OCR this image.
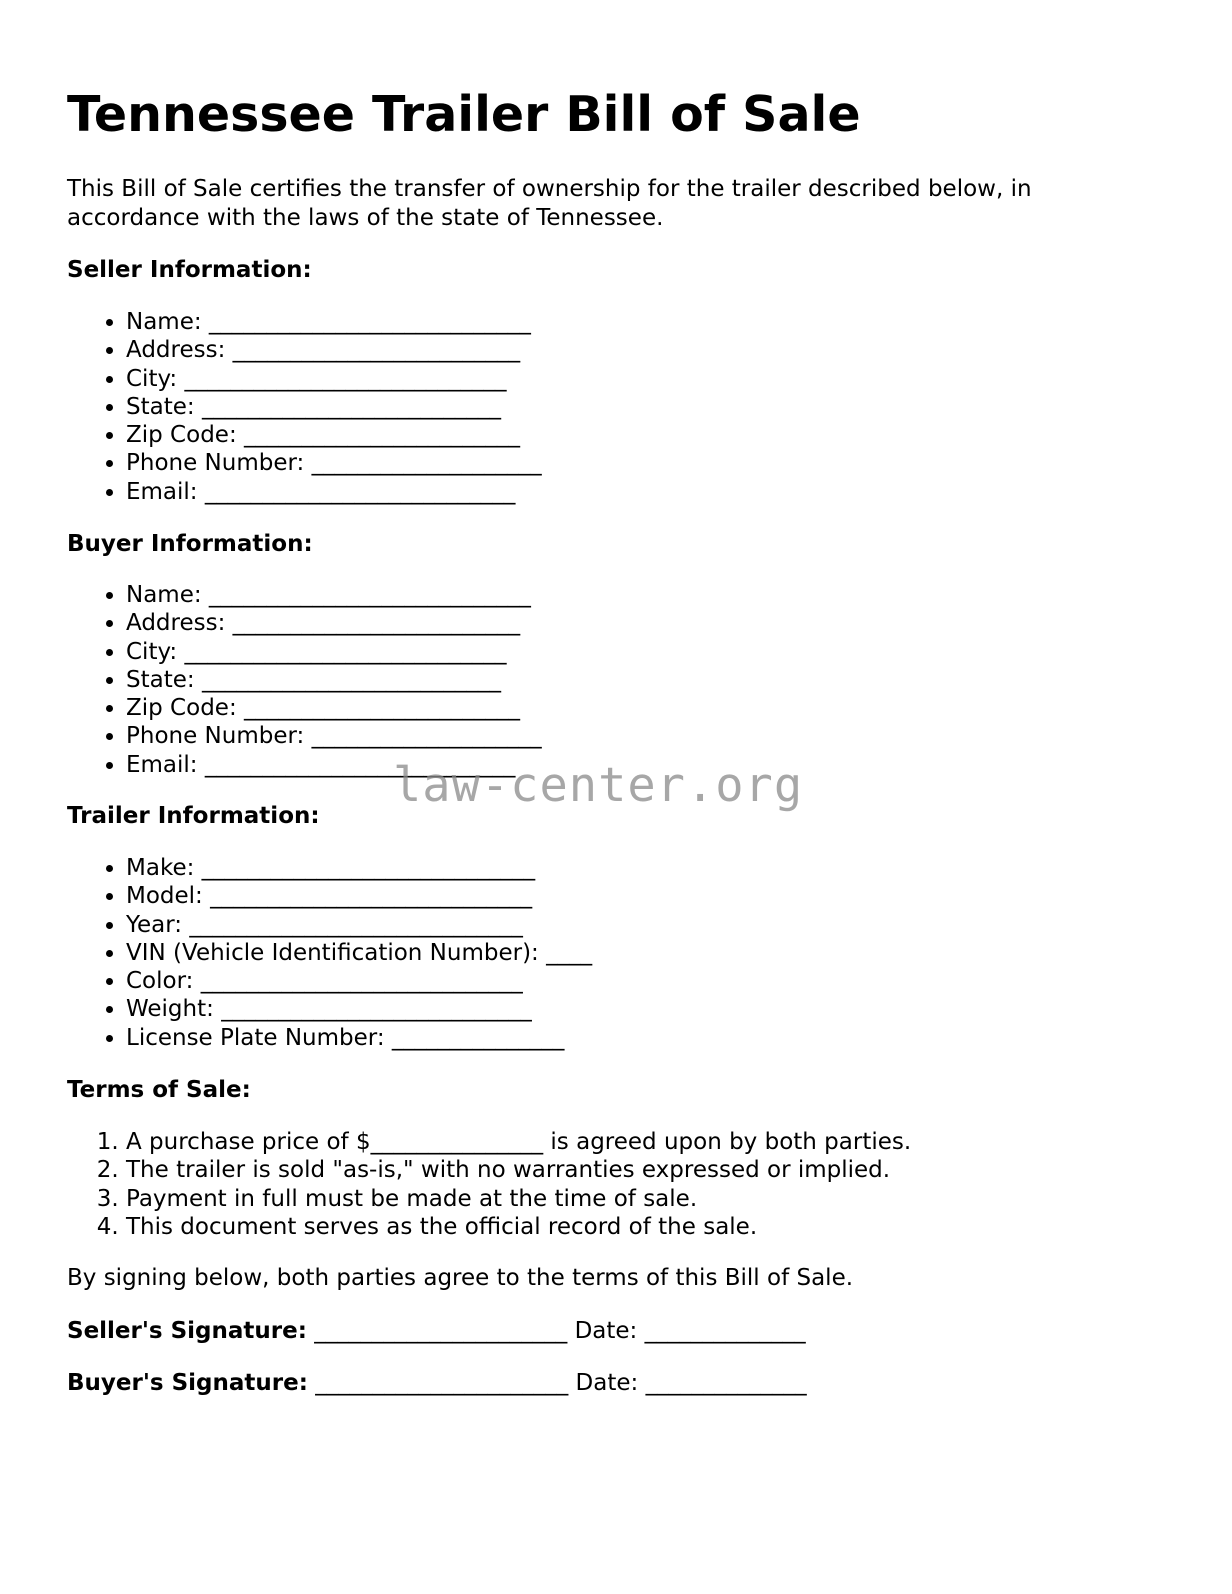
Tennessee Trailer Bill of Sale

This Bill of Sale certifies the transfer of ownership for the trailer described below, in accordance with the laws of the state of Tennessee.

Seller Information:

• Name: ____________________________
• Address: _________________________
• City: ____________________________
• State: __________________________
• Zip Code: ________________________
• Phone Number: ____________________
• Email: ___________________________

Buyer Information:

• Name: ____________________________
• Address: _________________________
• City: ____________________________
• State: __________________________
• Zip Code: ________________________
• Phone Number: ____________________
• Email: ___________________________

Trailer Information:

• Make: _____________________________
• Model: ____________________________
• Year: _____________________________
• VIN (Vehicle Identification Number): ____
• Color: ____________________________
• Weight: ___________________________
• License Plate Number: _______________

Terms of Sale:

1. A purchase price of $_______________ is agreed upon by both parties.
2. The trailer is sold "as-is," with no warranties expressed or implied.
3. Payment in full must be made at the time of sale.
4. This document serves as the official record of the sale.

By signing below, both parties agree to the terms of this Bill of Sale.

Seller's Signature: ______________________ Date: ______________

Buyer's Signature: ______________________ Date: ______________

law-center.org
